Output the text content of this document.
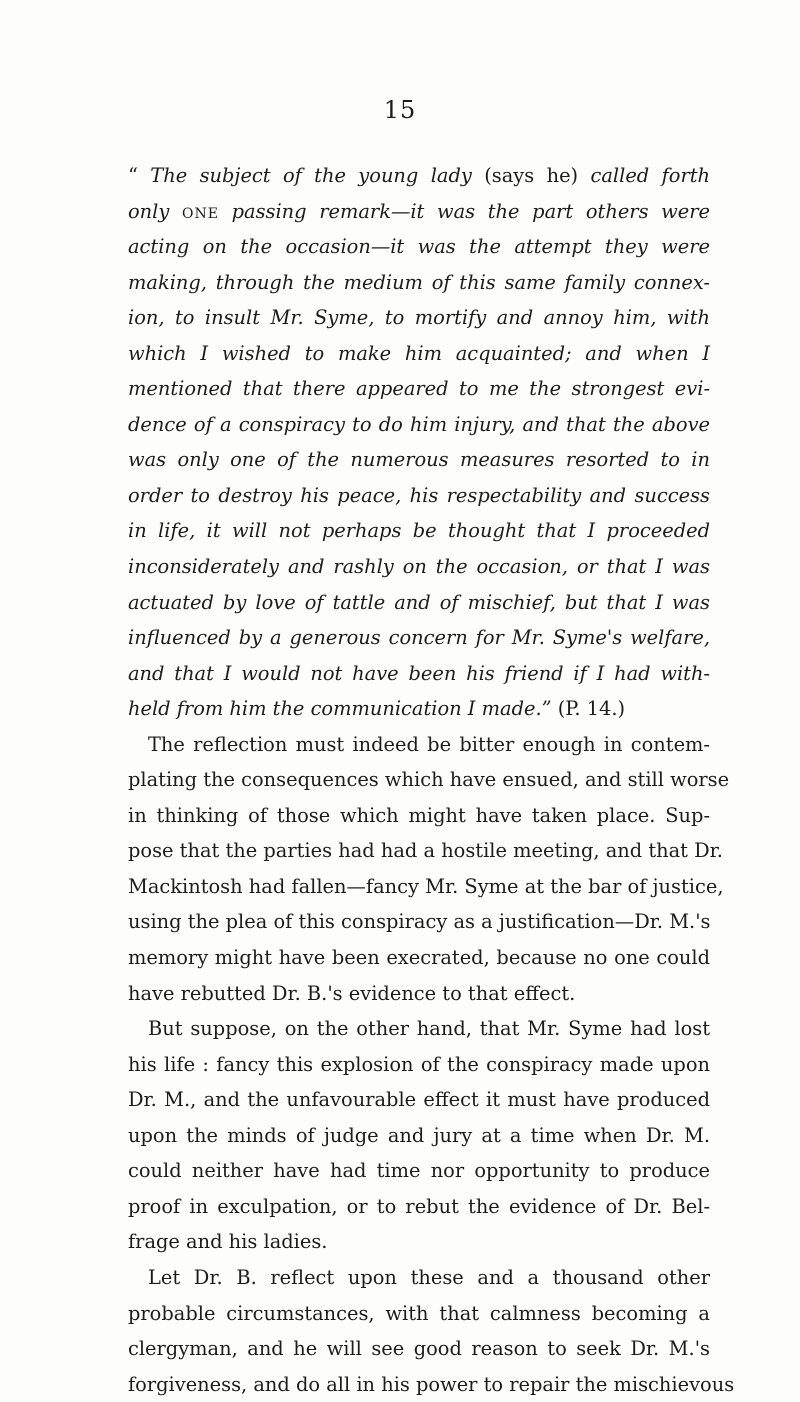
15
“ The subject of the young lady (says he) called forth
only one passing remark—it was the part others were
acting on the occasion—it was the attempt they were
making, through the medium of this same family connex-
ion, to insult Mr. Syme, to mortify and annoy him, with
which I wished to make him acquainted; and when I
mentioned that there appeared to me the strongest evi-
dence of a conspiracy to do him injury, and that the above
was only one of the numerous measures resorted to in
order to destroy his peace, his respectability and success
in life, it will not perhaps be thought that I proceeded
inconsiderately and rashly on the occasion, or that I was
actuated by love of tattle and of mischief, but that I was
influenced by a generous concern for Mr. Syme's welfare,
and that I would not have been his friend if I had with-
held from him the communication I made.” (P. 14.)
The reflection must indeed be bitter enough in contem-
plating the consequences which have ensued, and still worse
in thinking of those which might have taken place. Sup-
pose that the parties had had a hostile meeting, and that Dr.
Mackintosh had fallen—fancy Mr. Syme at the bar of justice,
using the plea of this conspiracy as a justification—Dr. M.'s
memory might have been execrated, because no one could
have rebutted Dr. B.'s evidence to that effect.
But suppose, on the other hand, that Mr. Syme had lost
his life : fancy this explosion of the conspiracy made upon
Dr. M., and the unfavourable effect it must have produced
upon the minds of judge and jury at a time when Dr. M.
could neither have had time nor opportunity to produce
proof in exculpation, or to rebut the evidence of Dr. Bel-
frage and his ladies.
Let Dr. B. reflect upon these and a thousand other
probable circumstances, with that calmness becoming a
clergyman, and he will see good reason to seek Dr. M.'s
forgiveness, and do all in his power to repair the mischievous
